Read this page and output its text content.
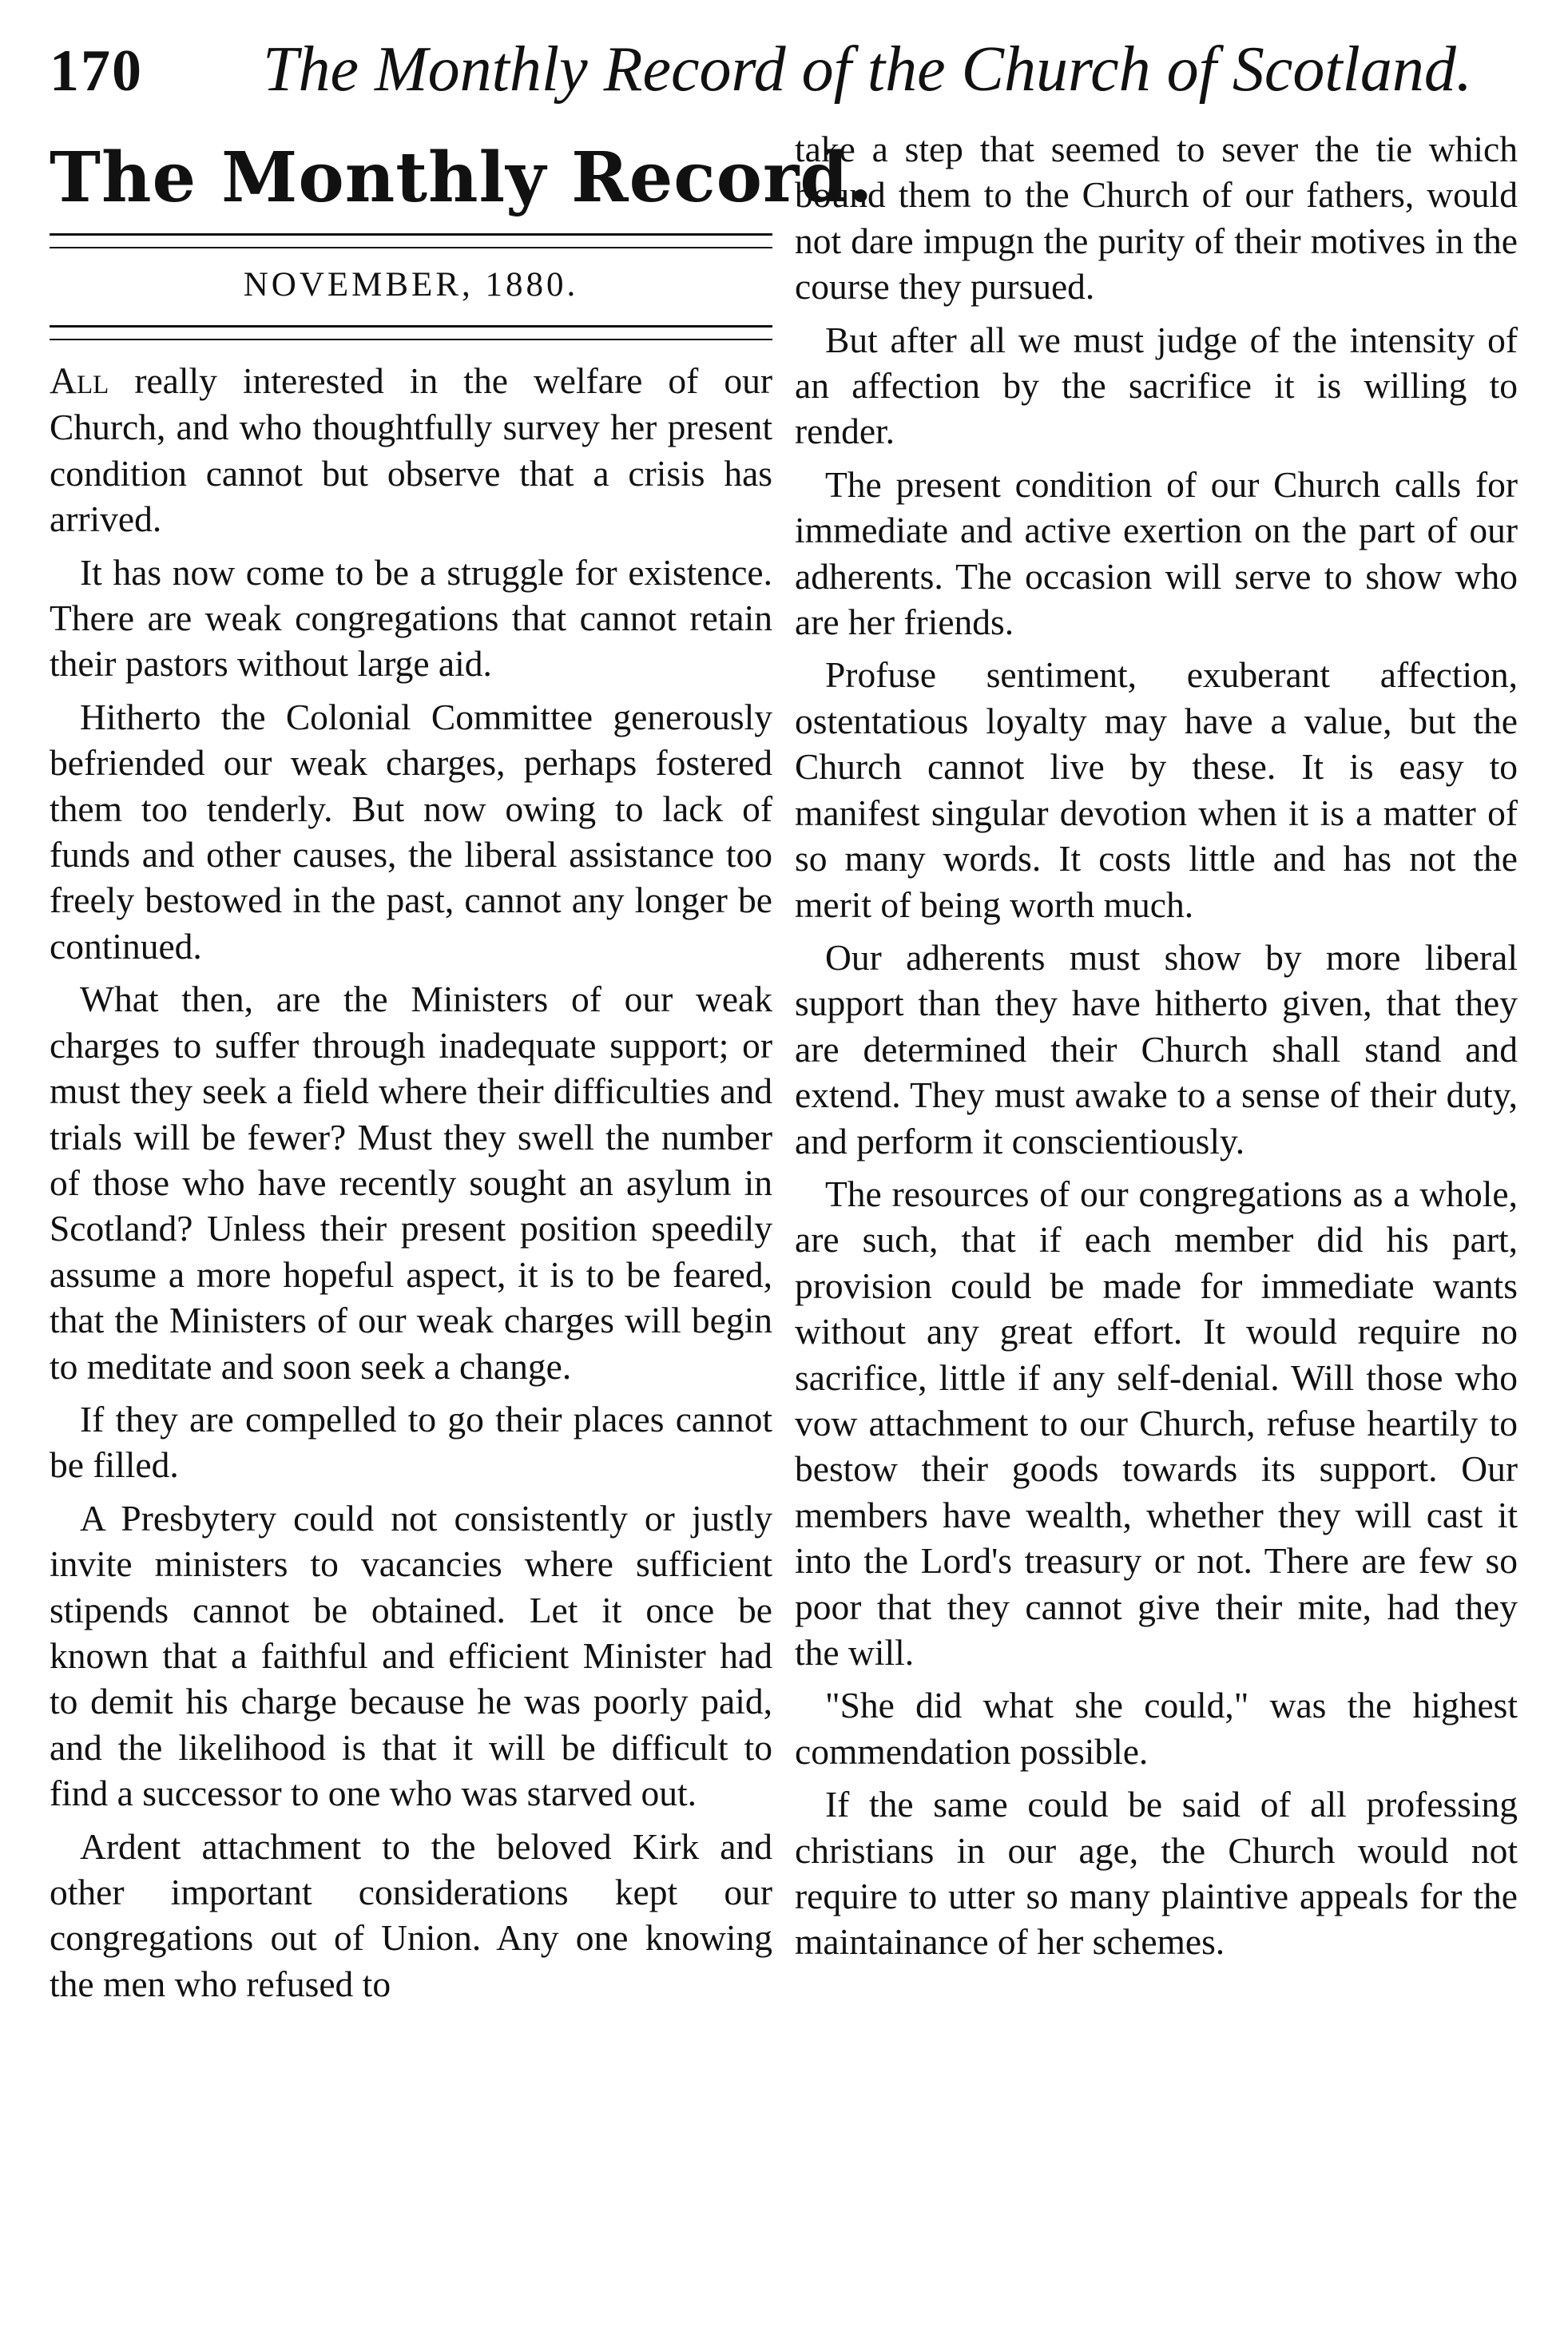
170 The Monthly Record of the Church of Scotland.
The Monthly Record.
NOVEMBER, 1880.

All really interested in the welfare of our Church, and who thoughtfully survey her present condition cannot but observe that a crisis has arrived.

It has now come to be a struggle for existence. There are weak congregations that cannot retain their pastors without large aid.

Hitherto the Colonial Committee generously befriended our weak charges, perhaps fostered them too tenderly. But now owing to lack of funds and other causes, the liberal assistance too freely bestowed in the past, cannot any longer be continued.

What then, are the Ministers of our weak charges to suffer through inadequate support; or must they seek a field where their difficulties and trials will be fewer? Must they swell the number of those who have recently sought an asylum in Scotland? Unless their present position speedily assume a more hopeful aspect, it is to be feared, that the Ministers of our weak charges will begin to meditate and soon seek a change.

If they are compelled to go their places cannot be filled.

A Presbytery could not consistently or justly invite ministers to vacancies where sufficient stipends cannot be obtained. Let it once be known that a faithful and efficient Minister had to demit his charge because he was poorly paid, and the likelihood is that it will be difficult to find a successor to one who was starved out.

Ardent attachment to the beloved Kirk and other important considerations kept our congregations out of Union. Any one knowing the men who refused to

take a step that seemed to sever the tie which bound them to the Church of our fathers, would not dare impugn the purity of their motives in the course they pursued.

But after all we must judge of the intensity of an affection by the sacrifice it is willing to render.

The present condition of our Church calls for immediate and active exertion on the part of our adherents. The occasion will serve to show who are her friends.

Profuse sentiment, exuberant affection, ostentatious loyalty may have a value, but the Church cannot live by these. It is easy to manifest singular devotion when it is a matter of so many words. It costs little and has not the merit of being worth much.

Our adherents must show by more liberal support than they have hitherto given, that they are determined their Church shall stand and extend. They must awake to a sense of their duty, and perform it conscientiously.

The resources of our congregations as a whole, are such, that if each member did his part, provision could be made for immediate wants without any great effort. It would require no sacrifice, little if any self-denial. Will those who vow attachment to our Church, refuse heartily to bestow their goods towards its support. Our members have wealth, whether they will cast it into the Lord's treasury or not. There are few so poor that they cannot give their mite, had they the will.

"She did what she could," was the highest commendation possible.

If the same could be said of all professing christians in our age, the Church would not require to utter so many plaintive appeals for the maintainance of her schemes.
